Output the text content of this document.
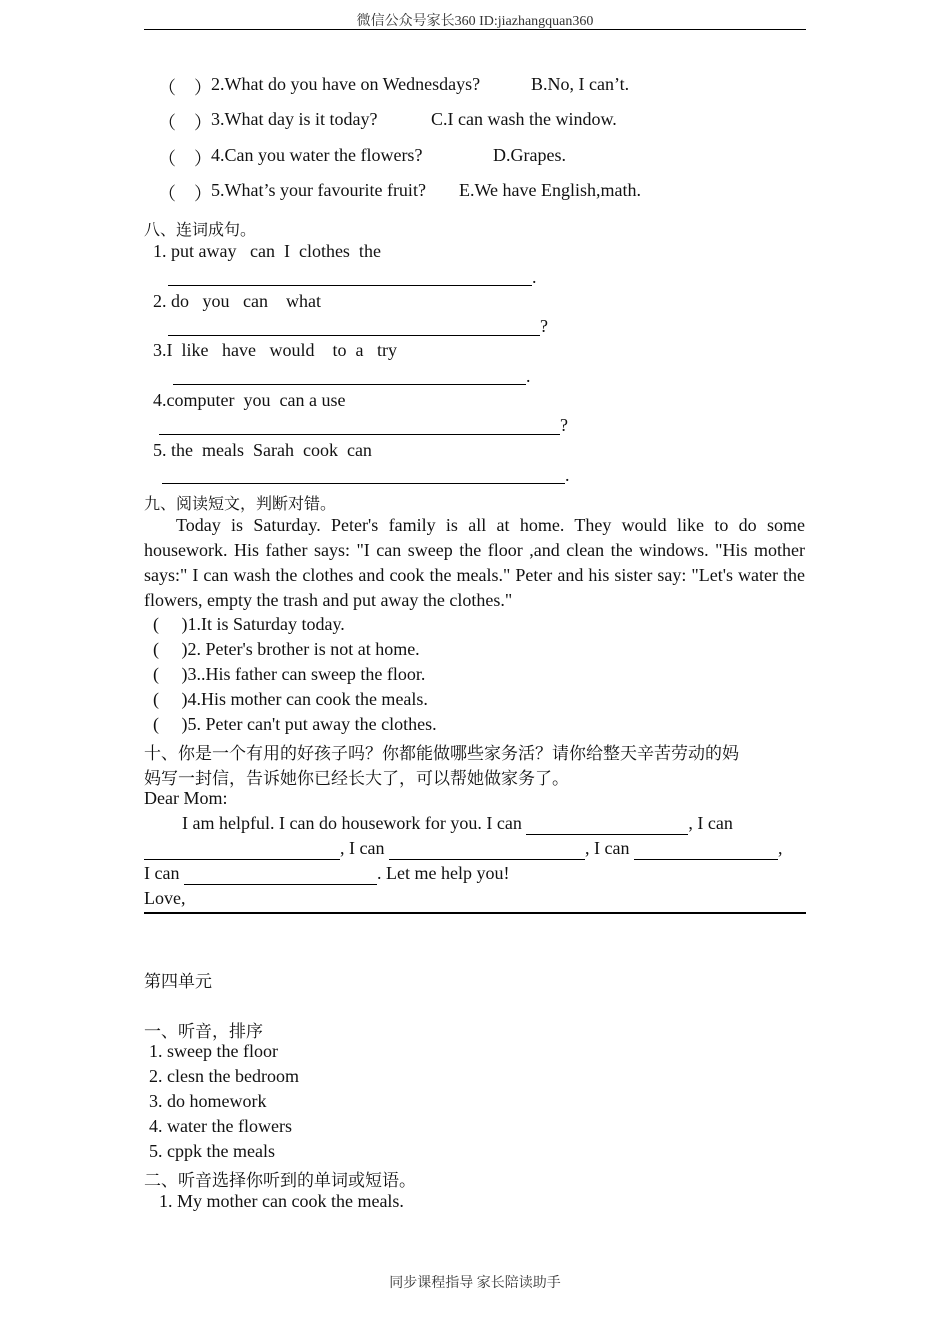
微信公众号家长360 ID:jiazhangquan360
（　） 2.What do you have on Wednesdays?	B.No, I can’t.
（　） 3.What day is it today?	C.I can wash the window.
（　） 4.Can you water the flowers?	D.Grapes.
（　） 5.What’s your favourite fruit? E.We have English,math.
八、连词成句。
1. put away   can  I  clothes  the
.
2. do   you   can    what
?
3.I  like   have   would    to  a   try
.
4.computer  you  can a use
?
5. the  meals  Sarah  cook  can
.
九、阅读短文，判断对错。
Today is Saturday. Peter's family is all at home. They would like to do some housework. His father says: "I can sweep the floor ,and clean the windows. "His mother says:" I can wash the clothes and cook the meals." Peter and his sister say: "Let's water the flowers, empty the trash and put away the clothes."
(     )1.It is Saturday today.
(     )2. Peter's brother is not at home.
(     )3..His father can sweep the floor.
(     )4.His mother can cook the meals.
(     )5. Peter can't put away the clothes.
十、你是一个有用的好孩子吗？你都能做哪些家务活？请你给整天辛苦劳动的妈
妈写一封信，告诉她你已经长大了，可以帮她做家务了。
Dear Mom:
I am helpful. I can do housework for you. I can	, I can
, I can	, I can	,
I can	. Let me help you!
Love,
第四单元
一、听音，排序
1. sweep the floor
2. clesn the bedroom
3. do homework
4. water the flowers
5. cppk the meals
二、听音选择你听到的单词或短语。
1. My mother can cook the meals.
同步课程指导 家长陪读助手
